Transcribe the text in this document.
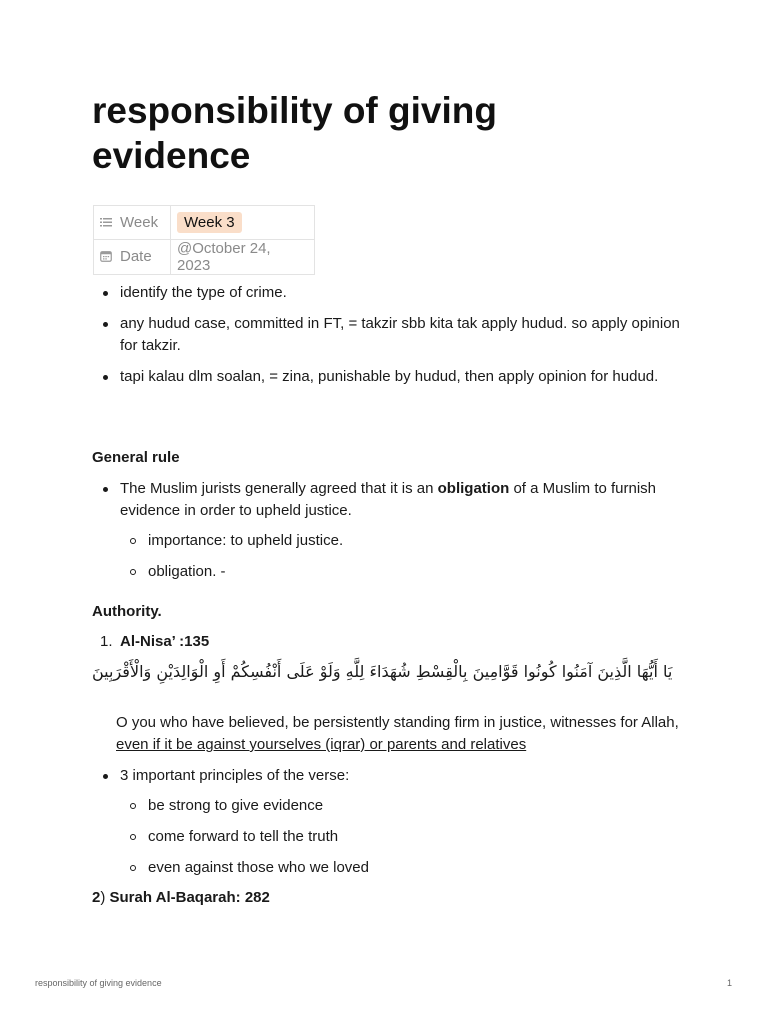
responsibility of giving evidence
Week	Week 3
Date	@October 24, 2023
identify the type of crime.
any hudud case, committed in FT, = takzir sbb kita tak apply hudud. so apply opinion for takzir.
tapi kalau dlm soalan, = zina, punishable by hudud, then apply opinion for hudud.
General rule
The Muslim jurists generally agreed that it is an obligation of a Muslim to furnish evidence in order to upheld justice.
importance: to upheld justice.
obligation. -
Authority.
1. Al-Nisa’ :135
يَا أَيُّهَا الَّذِينَ آمَنُوا كُونُوا قَوَّامِينَ بِالْقِسْطِ شُهَدَاءَ لِلَّهِ وَلَوْ عَلَى أَنْفُسِكُمْ أَوِ الْوَالِدَيْنِ وَالْأَقْرَبِينَ
O you who have believed, be persistently standing firm in justice, witnesses for Allah, even if it be against yourselves (iqrar) or parents and relatives
3 important principles of the verse:
be strong to give evidence
come forward to tell the truth
even against those who we loved
2) Surah Al-Baqarah: 282
responsibility of giving evidence	1
